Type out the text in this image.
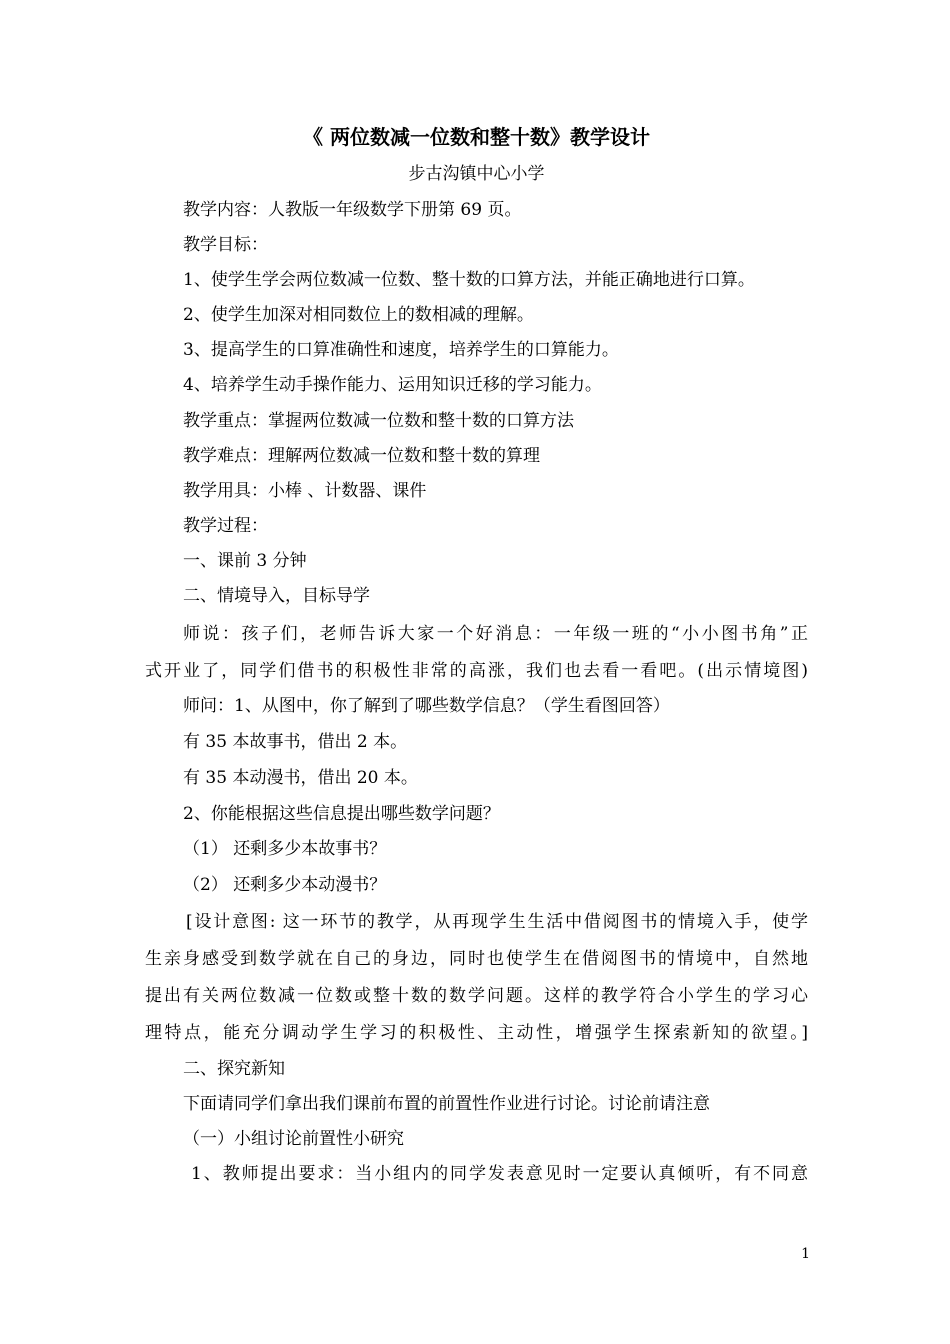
《 两位数减一位数和整十数》教学设计
步古沟镇中心小学
教学内容：人教版一年级数学下册第 69 页。
教学目标：
1、使学生学会两位数减一位数、整十数的口算方法，并能正确地进行口算。
2、使学生加深对相同数位上的数相减的理解。
3、提高学生的口算准确性和速度，培养学生的口算能力。
4、培养学生动手操作能力、运用知识迁移的学习能力。
教学重点：掌握两位数减一位数和整十数的口算方法
教学难点：理解两位数减一位数和整十数的算理
教学用具：小棒 、计数器、课件
教学过程：
一、课前 3 分钟
二、情境导入，目标导学
师说：孩子们，老师告诉大家一个好消息：一年级一班的“小小图书角”正
式开业了，同学们借书的积极性非常的高涨，我们也去看一看吧。(出示情境图)
师问：1、从图中，你了解到了哪些数学信息？（学生看图回答）
有 35 本故事书，借出 2 本。
有 35 本动漫书，借出 20 本。
2、你能根据这些信息提出哪些数学问题？
（1） 还剩多少本故事书？
（2） 还剩多少本动漫书？
[设计意图: 这一环节的教学，从再现学生生活中借阅图书的情境入手，使学
生亲身感受到数学就在自己的身边，同时也使学生在借阅图书的情境中，自然地
提出有关两位数减一位数或整十数的数学问题。这样的教学符合小学生的学习心
理特点，能充分调动学生学习的积极性、主动性，增强学生探索新知的欲望。]
二、探究新知
下面请同学们拿出我们课前布置的前置性作业进行讨论。讨论前请注意
（一）小组讨论前置性小研究
1、教师提出要求：当小组内的同学发表意见时一定要认真倾听，有不同意
1
